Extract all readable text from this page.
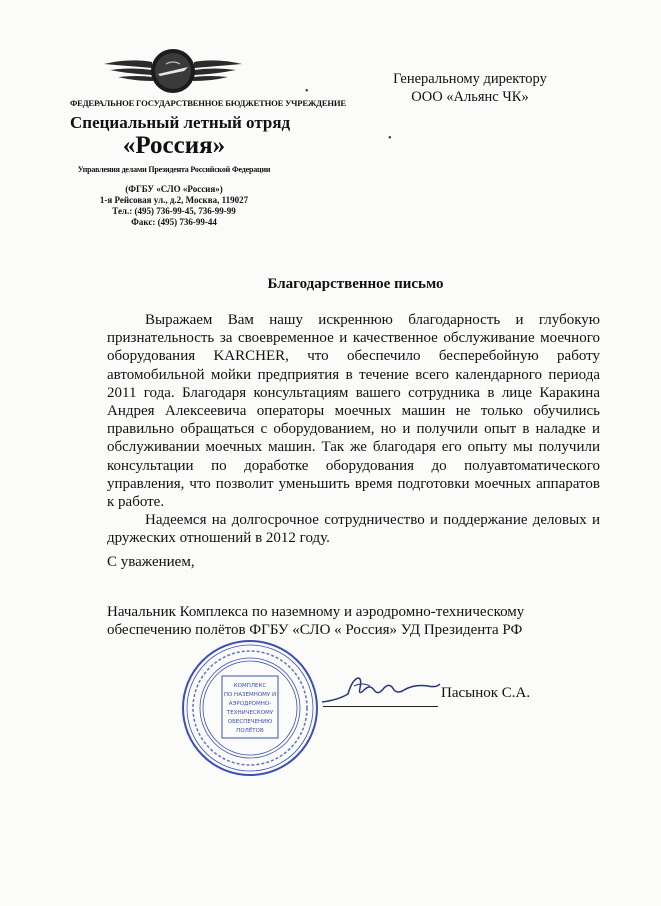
ФЕДЕРАЛЬНОЕ ГОСУДАРСТВЕННОЕ БЮДЖЕТНОЕ УЧРЕЖДЕНИЕ
Специальный летный отряд
«Россия»
Управления делами Президента Российской Федерации
(ФГБУ «СЛО «Россия»)
1-я Рейсовая ул., д.2, Москва, 119027
Тел.: (495) 736-99-45, 736-99-99
Факс: (495) 736-99-44
•
•
Генеральному директору
ООО «Альянс ЧК»
Благодарственное письмо

Выражаем Вам нашу искреннюю благодарность и глубокую признательность за своевременное и качественное обслуживание моечного оборудования KARCHER, что обеспечило бесперебойную работу автомобильной мойки предприятия в течение всего календарного периода 2011 года. Благодаря консультациям вашего сотрудника в лице Каракина Андрея Алексеевича операторы моечных машин не только обучились правильно обращаться с оборудованием, но и получили опыт в наладке и обслуживании моечных машин. Так же благодаря его опыту мы получили консультации по доработке оборудования до полуавтоматического управления, что позволит уменьшить время подготовки моечных аппаратов к работе.

Надеемся на долгосрочное сотрудничество и поддержание деловых и дружеских отношений в 2012 году.

С уважением,
Начальник Комплекса по наземному и аэродромно-техническому
обеспечению полётов ФГБУ «СЛО « Россия» УД Президента РФ
КОМПЛЕКС
ПО НАЗЕМНОМУ И
АЭРОДРОМНО-
ТЕХНИЧЕСКОМУ
ОБЕСПЕЧЕНИЮ
ПОЛЁТОВ
Пасынок С.А.
